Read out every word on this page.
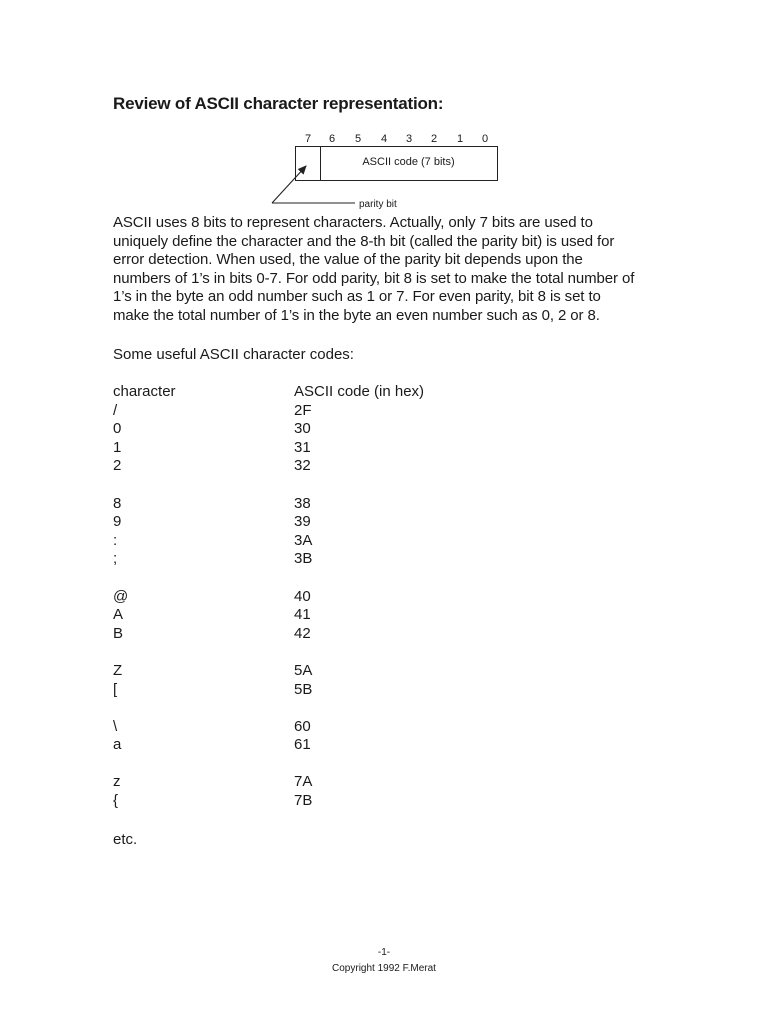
Review of ASCII character representation:
7	6	5	4	3	2	1	0
ASCII code (7 bits)
parity bit
ASCII uses 8 bits to represent characters. Actually, only 7 bits are used to
uniquely define the character and the 8-th bit (called the parity bit) is used for
error detection. When used, the value of the parity bit depends upon the
numbers of 1’s in bits 0-7. For odd parity, bit 8 is set to make the total number of
1’s in the byte an odd number such as 1 or 7. For even parity, bit 8 is set to
make the total number of 1’s in the byte an even number such as 0, 2 or 8.
Some useful ASCII character codes:
character	ASCII code (in hex)
/	2F
0	30
1	31
2	32
8	38
9	39
:	3A
;	3B
@	40
A	41
B	42
Z	5A
[	5B
\	60
a	61
z	7A
{	7B
etc.
-1-
Copyright 1992 F.Merat
